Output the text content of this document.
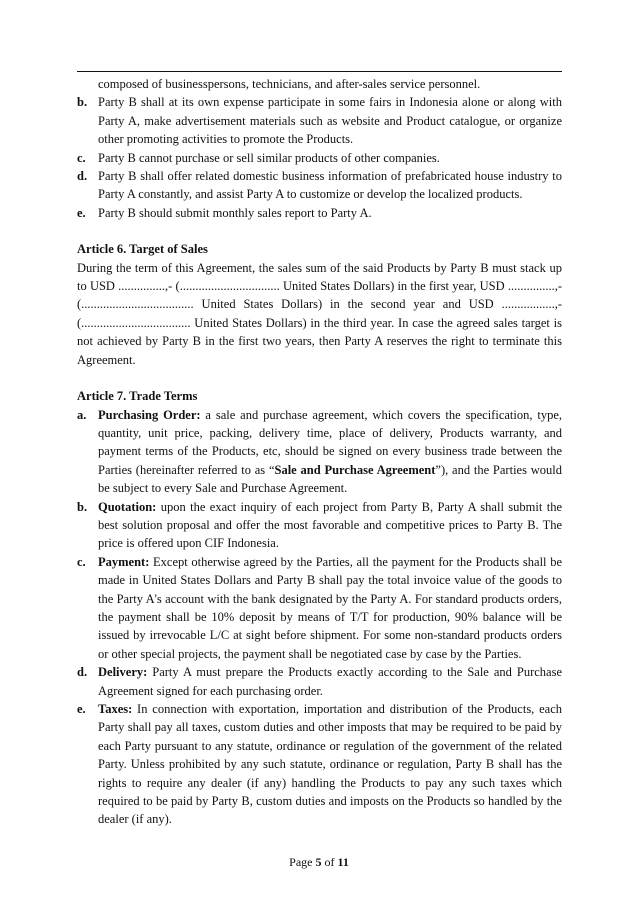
composed of businesspersons, technicians, and after-sales service personnel.
b. Party B shall at its own expense participate in some fairs in Indonesia alone or along with Party A, make advertisement materials such as website and Product catalogue, or organize other promoting activities to promote the Products.
c. Party B cannot purchase or sell similar products of other companies.
d. Party B shall offer related domestic business information of prefabricated house industry to Party A constantly, and assist Party A to customize or develop the localized products.
e. Party B should submit monthly sales report to Party A.
Article 6. Target of Sales
During the term of this Agreement, the sales sum of the said Products by Party B must stack up to USD ...............,- (................................ United States Dollars) in the first year, USD ...............,- (.................................... United States Dollars) in the second year and USD .................,- (................................... United States Dollars) in the third year. In case the agreed sales target is not achieved by Party B in the first two years, then Party A reserves the right to terminate this Agreement.
Article 7. Trade Terms
a. Purchasing Order: a sale and purchase agreement, which covers the specification, type, quantity, unit price, packing, delivery time, place of delivery, Products warranty, and payment terms of the Products, etc, should be signed on every business trade between the Parties (hereinafter referred to as “Sale and Purchase Agreement”), and the Parties would be subject to every Sale and Purchase Agreement.
b. Quotation: upon the exact inquiry of each project from Party B, Party A shall submit the best solution proposal and offer the most favorable and competitive prices to Party B. The price is offered upon CIF Indonesia.
c. Payment: Except otherwise agreed by the Parties, all the payment for the Products shall be made in United States Dollars and Party B shall pay the total invoice value of the goods to the Party A's account with the bank designated by the Party A. For standard products orders, the payment shall be 10% deposit by means of T/T for production, 90% balance will be issued by irrevocable L/C at sight before shipment. For some non-standard products orders or other special projects, the payment shall be negotiated case by case by the Parties.
d. Delivery: Party A must prepare the Products exactly according to the Sale and Purchase Agreement signed for each purchasing order.
e. Taxes: In connection with exportation, importation and distribution of the Products, each Party shall pay all taxes, custom duties and other imposts that may be required to be paid by each Party pursuant to any statute, ordinance or regulation of the government of the related Party. Unless prohibited by any such statute, ordinance or regulation, Party B shall has the rights to require any dealer (if any) handling the Products to pay any such taxes which required to be paid by Party B, custom duties and imposts on the Products so handled by the dealer (if any).
Page 5 of 11
